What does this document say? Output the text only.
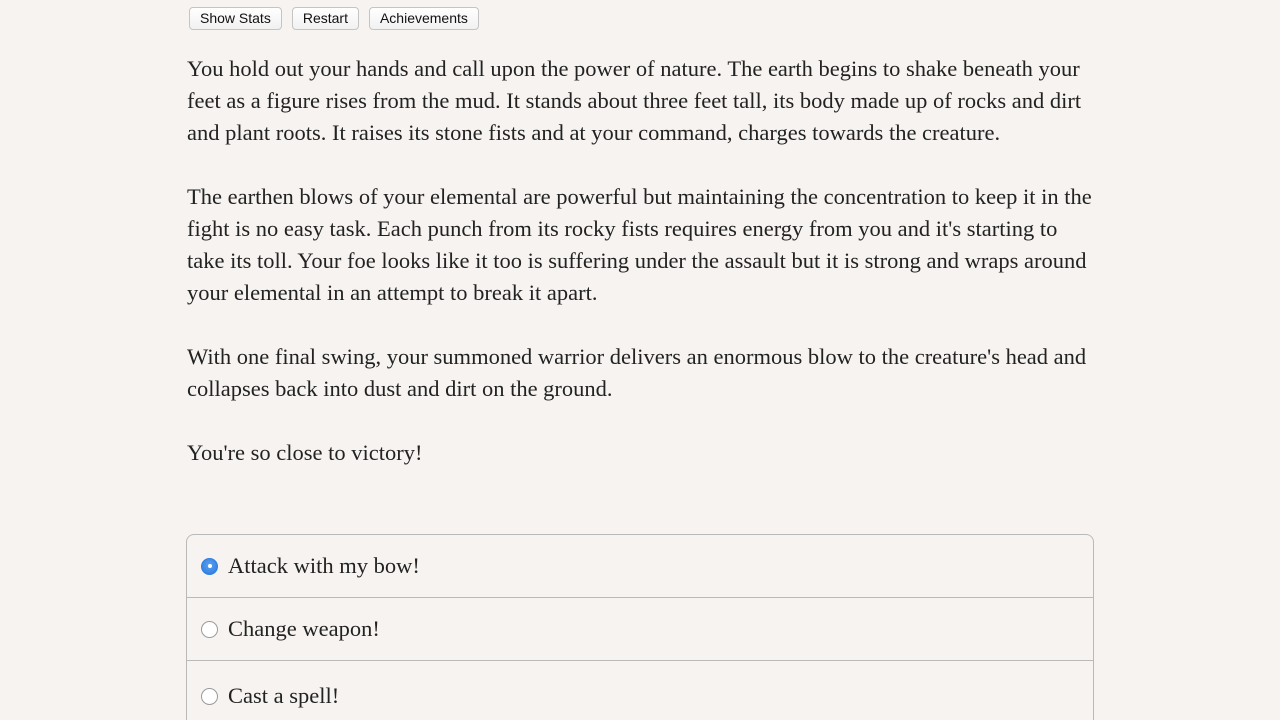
Show Stats	Restart	Achievements

You hold out your hands and call upon the power of nature. The earth begins to shake beneath your feet as a figure rises from the mud. It stands about three feet tall, its body made up of rocks and dirt and plant roots. It raises its stone fists and at your command, charges towards the creature.

The earthen blows of your elemental are powerful but maintaining the concentration to keep it in the fight is no easy task. Each punch from its rocky fists requires energy from you and it's starting to take its toll. Your foe looks like it too is suffering under the assault but it is strong and wraps around your elemental in an attempt to break it apart.

With one final swing, your summoned warrior delivers an enormous blow to the creature's head and collapses back into dust and dirt on the ground.

You're so close to victory!

Attack with my bow!
Change weapon!
Cast a spell!
